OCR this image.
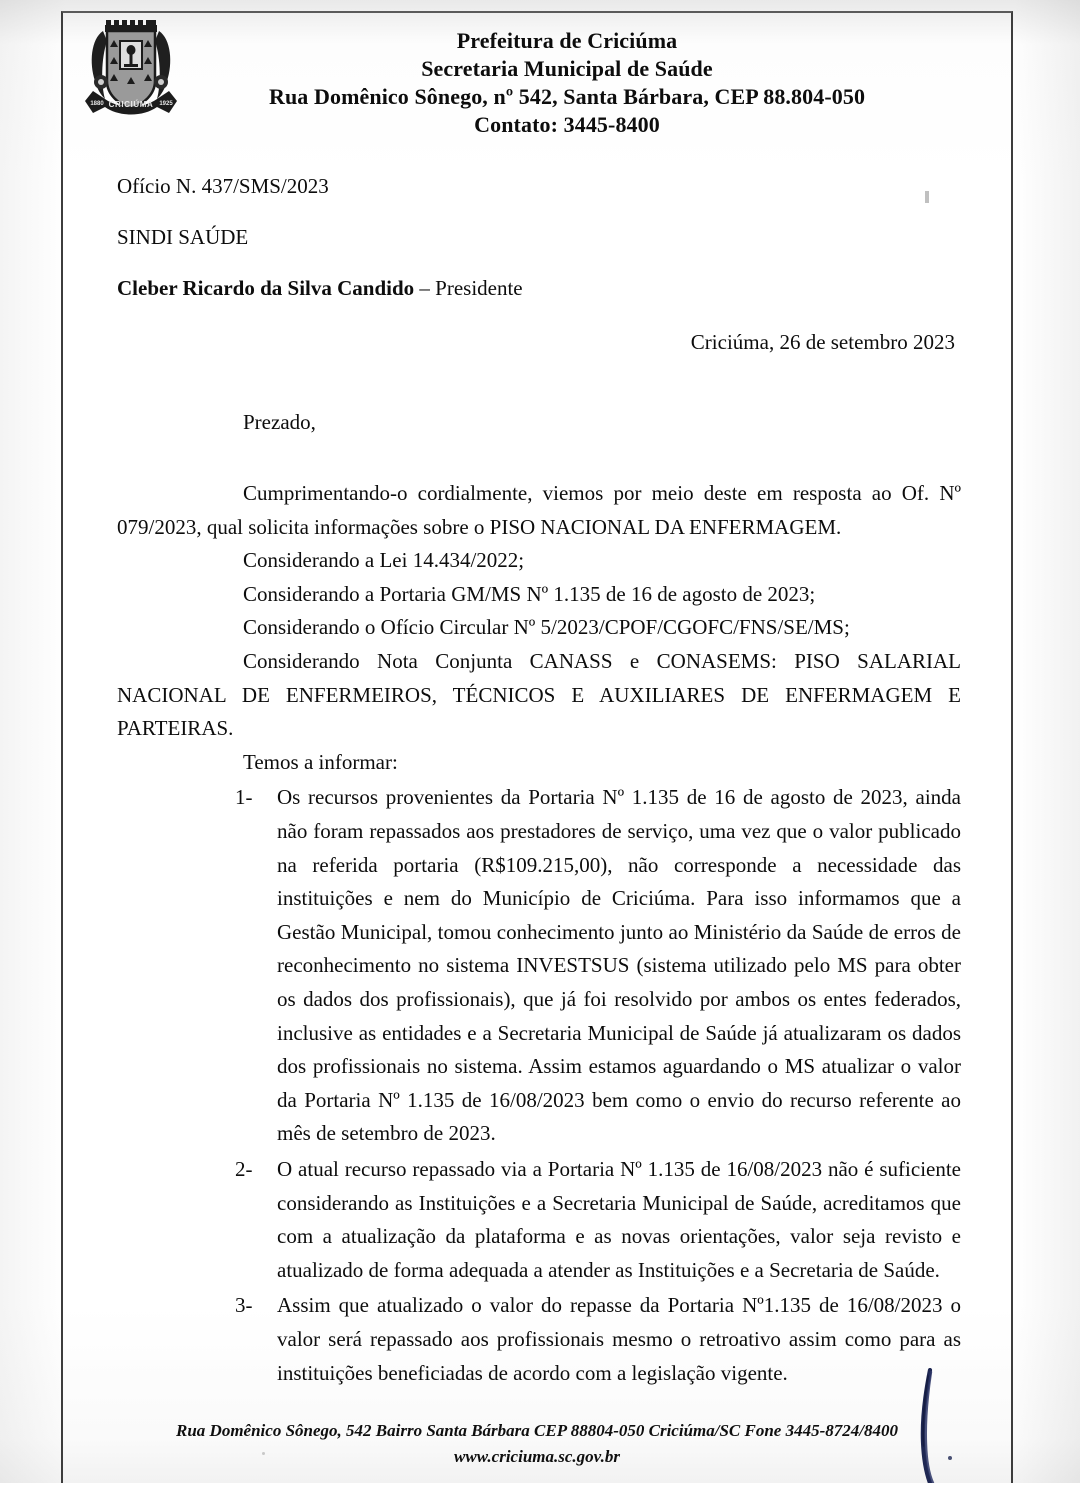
CRICIÚMA
1880	1925
Prefeitura de Criciúma
Secretaria Municipal de Saúde
Rua Domênico Sônego, nº 542, Santa Bárbara, CEP 88.804-050
Contato: 3445-8400
Ofício N. 437/SMS/2023
SINDI SAÚDE
Cleber Ricardo da Silva Candido – Presidente
Criciúma, 26 de setembro 2023
Prezado,

Cumprimentando-o cordialmente, viemos por meio deste em resposta ao Of. Nº 079/2023, qual solicita informações sobre o PISO NACIONAL DA ENFERMAGEM.

Considerando a Lei 14.434/2022;

Considerando a Portaria GM/MS Nº 1.135 de 16 de agosto de 2023;

Considerando o Ofício Circular Nº 5/2023/CPOF/CGOFC/FNS/SE/MS;

Considerando Nota Conjunta CANASS e CONASEMS: PISO SALARIAL NACIONAL DE ENFERMEIROS, TÉCNICOS E AUXILIARES DE ENFERMAGEM E PARTEIRAS.

Temos a informar:

1-	Os recursos provenientes da Portaria Nº 1.135 de 16 de agosto de 2023, ainda não foram repassados aos prestadores de serviço, uma vez que o valor publicado na referida portaria (R$109.215,00), não corresponde a necessidade das instituições e nem do Município de Criciúma. Para isso informamos que a Gestão Municipal, tomou conhecimento junto ao Ministério da Saúde de erros de reconhecimento no sistema INVESTSUS (sistema utilizado pelo MS para obter os dados dos profissionais), que já foi resolvido por ambos os entes federados, inclusive as entidades e a Secretaria Municipal de Saúde já atualizaram os dados dos profissionais no sistema. Assim estamos aguardando o MS atualizar o valor da Portaria Nº 1.135 de 16/08/2023 bem como o envio do recurso referente ao mês de setembro de 2023.
2-	O atual recurso repassado via a Portaria Nº 1.135 de 16/08/2023 não é suficiente considerando as Instituições e a Secretaria Municipal de Saúde, acreditamos que com a atualização da plataforma e as novas orientações, valor seja revisto e atualizado de forma adequada a atender as Instituições e a Secretaria de Saúde.
3-	Assim que atualizado o valor do repasse da Portaria Nº1.135 de 16/08/2023 o valor será repassado aos profissionais mesmo o retroativo assim como para as instituições beneficiadas de acordo com a legislação vigente.
Rua Domênico Sônego, 542 Bairro Santa Bárbara CEP 88804-050 Criciúma/SC Fone 3445-8724/8400
www.criciuma.sc.gov.br
